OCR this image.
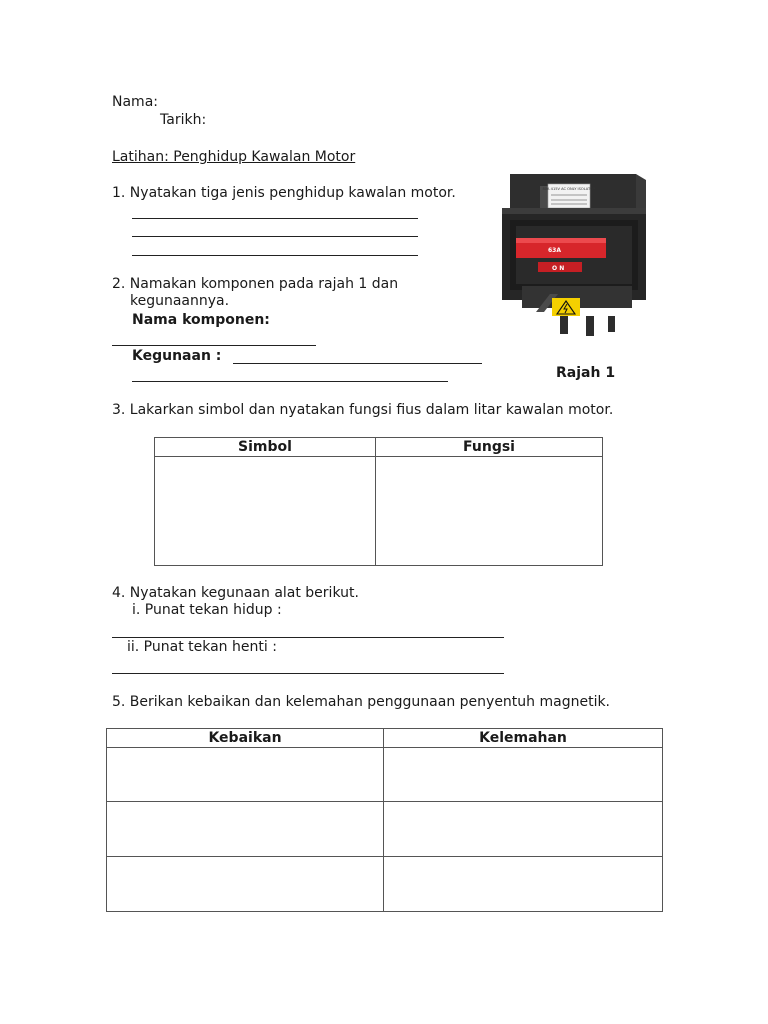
Nama:
Tarikh:
Latihan: Penghidup Kawalan Motor
1. Nyatakan tiga jenis penghidup kawalan motor.
2. Namakan komponen pada rajah 1 dan
kegunaannya.
Nama komponen:
Kegunaan :
80A 415V AC ONLY ISOLATOR
63A
O N
Rajah 1
3. Lakarkan simbol dan nyatakan fungsi fius dalam litar kawalan motor.
Simbol	Fungsi

4. Nyatakan kegunaan alat berikut.
i. Punat tekan hidup :
ii. Punat tekan henti :
5. Berikan kebaikan dan kelemahan penggunaan penyentuh magnetik.
Kebaikan	Kelemahan
